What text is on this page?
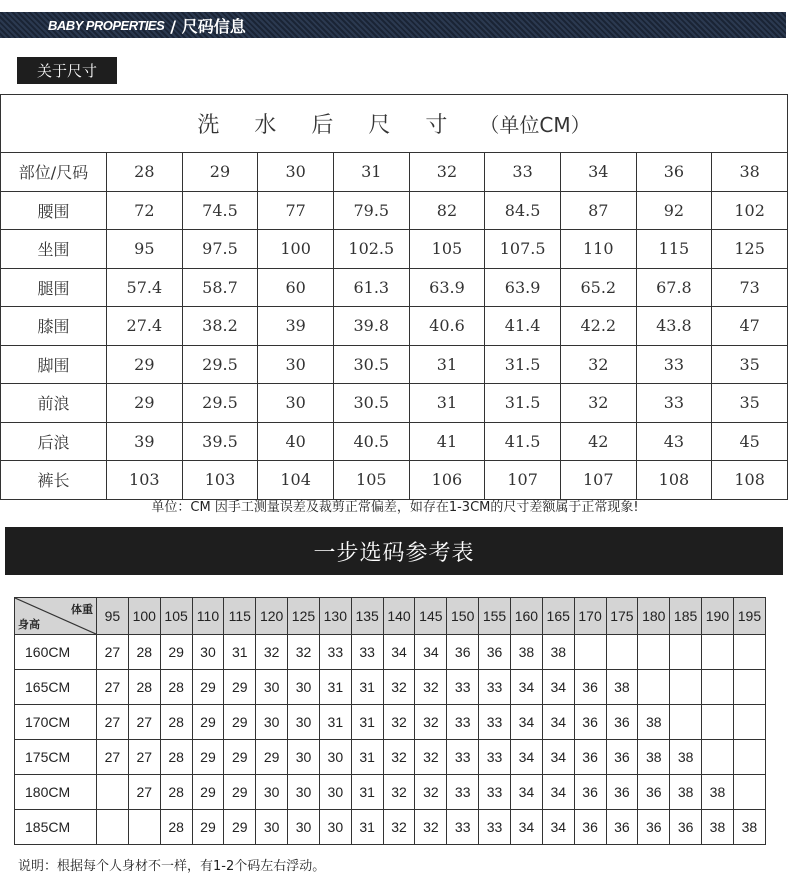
BABY PROPERTIES / 尺码信息
关于尺寸
洗 水 后 尺 寸 （单位CM）									
部位/尺码	28	29	30	31	32	33	34	36	38
腰围	72	74.5	77	79.5	82	84.5	87	92	102
坐围	95	97.5	100	102.5	105	107.5	110	115	125
腿围	57.4	58.7	60	61.3	63.9	63.9	65.2	67.8	73
膝围	27.4	38.2	39	39.8	40.6	41.4	42.2	43.8	47
脚围	29	29.5	30	30.5	31	31.5	32	33	35
前浪	29	29.5	30	30.5	31	31.5	32	33	35
后浪	39	39.5	40	40.5	41	41.5	42	43	45
裤长	103	103	104	105	106	107	107	108	108
单位：CM 因手工测量误差及裁剪正常偏差，如存在1-3CM的尺寸差额属于正常现象!
一步选码参考表
体重
身高	95	100	105	110	115	120	125	130	135	140	145	150	155	160	165	170	175	180	185	190	195
160CM	27	28	29	30	31	32	32	33	33	34	34	36	36	38	38						
165CM	27	28	28	29	29	30	30	31	31	32	32	33	33	34	34	36	38				
170CM	27	27	28	29	29	30	30	31	31	32	32	33	33	34	34	36	36	38			
175CM	27	27	28	29	29	29	30	30	31	32	32	33	33	34	34	36	36	38	38		
180CM		27	28	29	29	30	30	30	31	32	32	33	33	34	34	36	36	36	38	38	
185CM			28	29	29	30	30	30	31	32	32	33	33	34	34	36	36	36	36	38	38
说明：根据每个人身材不一样，有1-2个码左右浮动。
